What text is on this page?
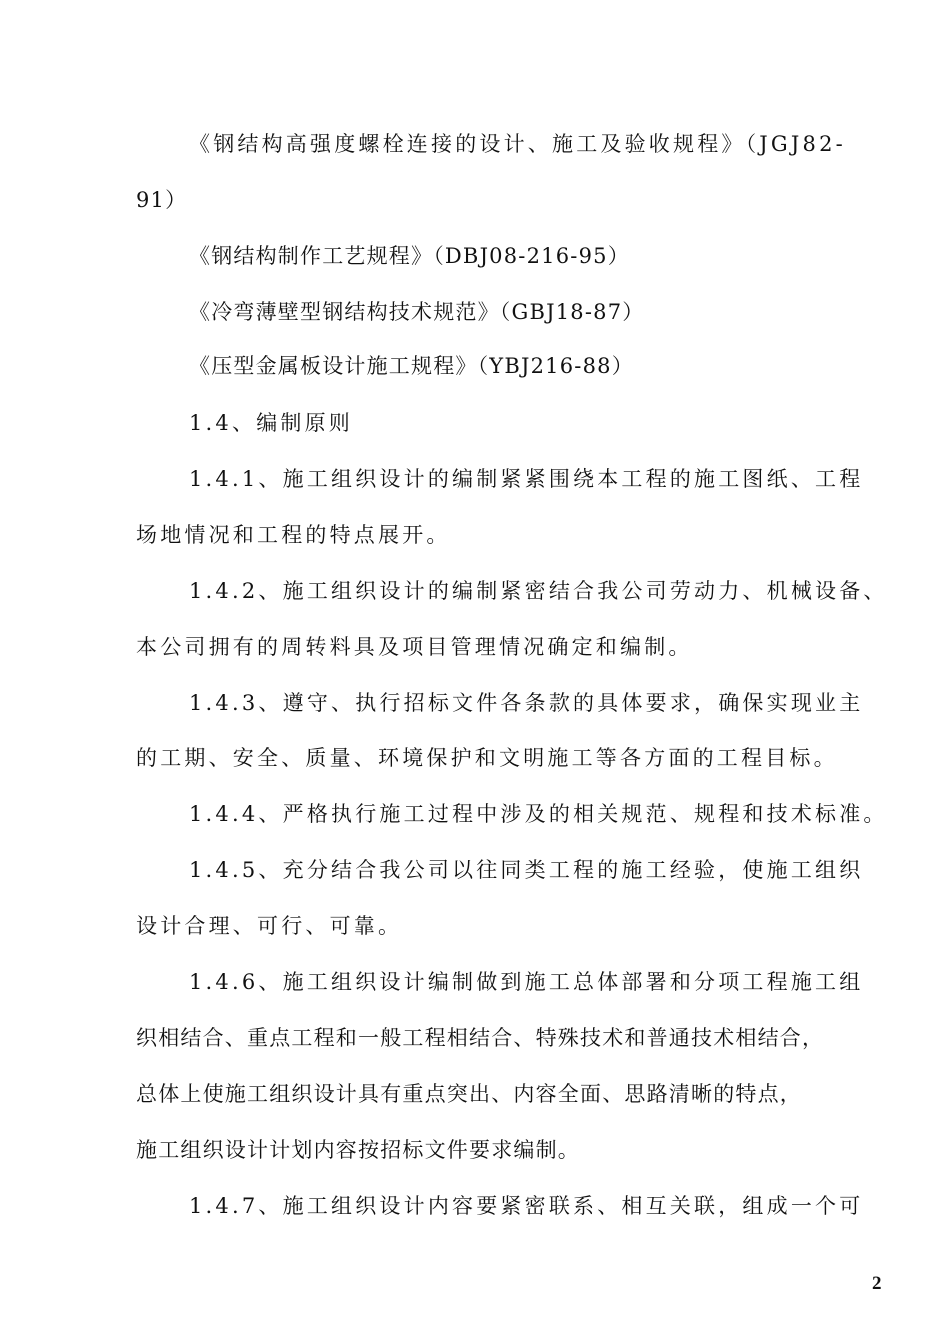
《钢结构高强度螺栓连接的设计、施工及验收规程》（JGJ82-
91）
《钢结构制作工艺规程》（DBJ08-216-95）
《冷弯薄壁型钢结构技术规范》（GBJ18-87）
《压型金属板设计施工规程》（YBJ216-88）
1.4、编制原则
1.4.1、施工组织设计的编制紧紧围绕本工程的施工图纸、工程
场地情况和工程的特点展开。
1.4.2、施工组织设计的编制紧密结合我公司劳动力、机械设备、
本公司拥有的周转料具及项目管理情况确定和编制。
1.4.3、遵守、执行招标文件各条款的具体要求，确保实现业主
的工期、安全、质量、环境保护和文明施工等各方面的工程目标。
1.4.4、严格执行施工过程中涉及的相关规范、规程和技术标准。
1.4.5、充分结合我公司以往同类工程的施工经验，使施工组织
设计合理、可行、可靠。
1.4.6、施工组织设计编制做到施工总体部署和分项工程施工组
织相结合、重点工程和一般工程相结合、特殊技术和普通技术相结合，
总体上使施工组织设计具有重点突出、内容全面、思路清晰的特点，
施工组织设计计划内容按招标文件要求编制。
1.4.7、施工组织设计内容要紧密联系、相互关联，组成一个可
2
